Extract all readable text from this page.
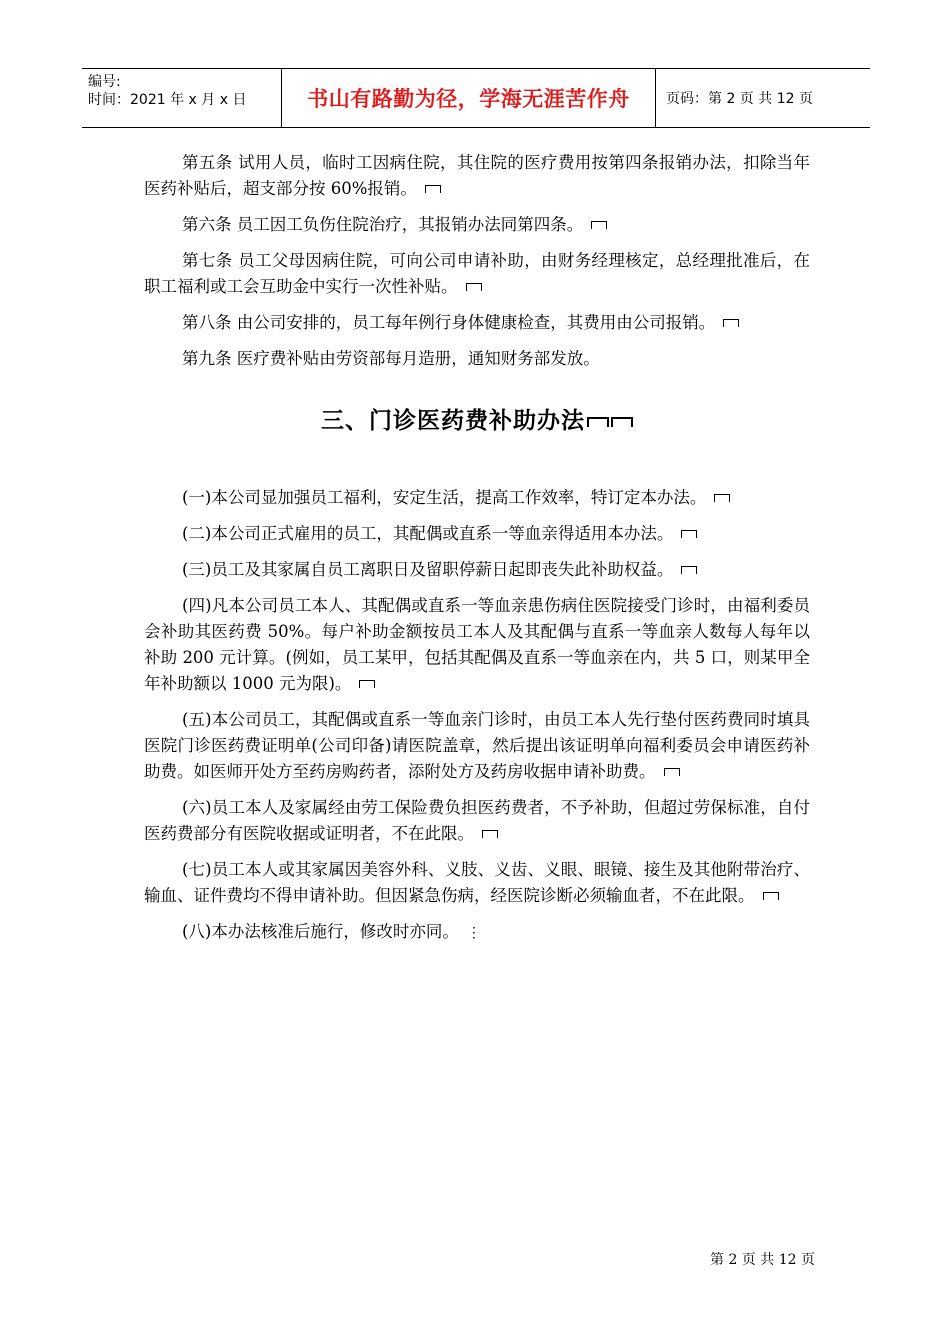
编号:
时间：2021 年 x 月 x 日	书山有路勤为径，学海无涯苦作舟	页码：第 2 页 共 12 页

第五条 试用人员，临时工因病住院，其住院的医疗费用按第四条报销办法，扣除当年医药补贴后，超支部分按 60%报销。

第六条 员工因工负伤住院治疗，其报销办法同第四条。

第七条 员工父母因病住院，可向公司申请补助，由财务经理核定，总经理批准后，在职工福利或工会互助金中实行一次性补贴。

第八条 由公司安排的，员工每年例行身体健康检查，其费用由公司报销。

第九条 医疗费补贴由劳资部每月造册，通知财务部发放。

三、门诊医药费补助办法

(一)本公司显加强员工福利，安定生活，提高工作效率，特订定本办法。

(二)本公司正式雇用的员工，其配偶或直系一等血亲得适用本办法。

(三)员工及其家属自员工离职日及留职停薪日起即丧失此补助权益。

(四)凡本公司员工本人、其配偶或直系一等血亲患伤病住医院接受门诊时，由福利委员会补助其医药费 50%。每户补助金额按员工本人及其配偶与直系一等血亲人数每人每年以补助 200 元计算。(例如，员工某甲，包括其配偶及直系一等血亲在内，共 5 口，则某甲全年补助额以 1000 元为限)。

(五)本公司员工，其配偶或直系一等血亲门诊时，由员工本人先行垫付医药费同时填具医院门诊医药费证明单(公司印备)请医院盖章，然后提出该证明单向福利委员会申请医药补助费。如医师开处方至药房购药者，添附处方及药房收据申请补助费。

(六)员工本人及家属经由劳工保险费负担医药费者，不予补助，但超过劳保标准，自付医药费部分有医院收据或证明者，不在此限。

(七)员工本人或其家属因美容外科、义肢、义齿、义眼、眼镜、接生及其他附带治疗、输血、证件费均不得申请补助。但因紧急伤病，经医院诊断必须输血者，不在此限。

(八)本办法核准后施行，修改时亦同。 ⋮

第 2 页 共 12 页
